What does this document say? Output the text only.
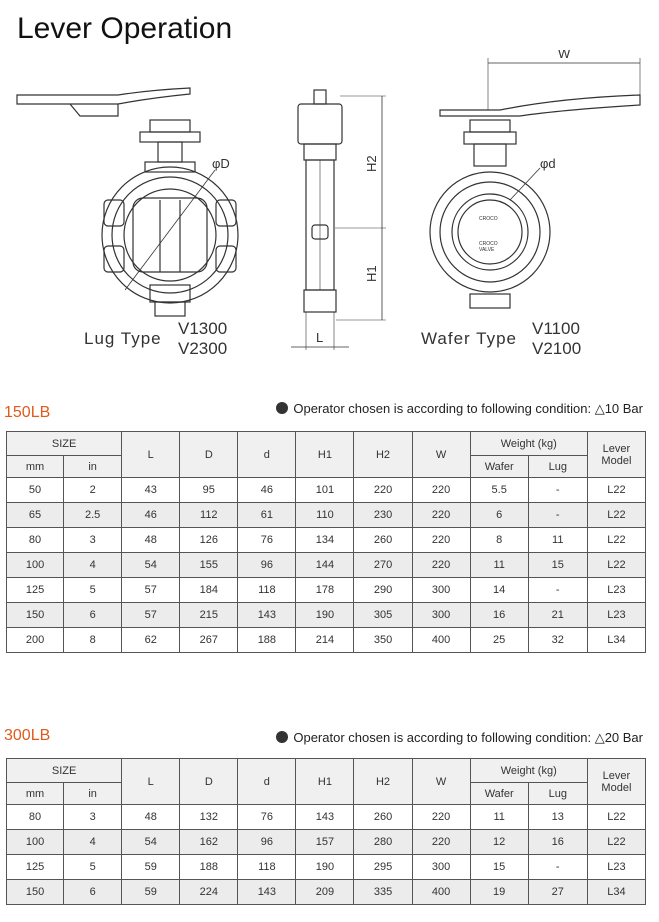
Lever Operation
φD	H2
H1
L
W
φd
CROCO
CROCO
VALVE
Lug Type
V1300
V2300
Wafer Type
V1100
V2100
150LB	Operator chosen is according to following condition: △10 Bar
SIZE		L	D	d	H1	H2	W	Weight (kg)		Lever Model
mm	in							Wafer	Lug	
50	2	43	95	46	101	220	220	5.5	-	L22
65	2.5	46	112	61	110	230	220	6	-	L22
80	3	48	126	76	134	260	220	8	11	L22
100	4	54	155	96	144	270	220	11	15	L22
125	5	57	184	118	178	290	300	14	-	L23
150	6	57	215	143	190	305	300	16	21	L23
200	8	62	267	188	214	350	400	25	32	L34
300LB	Operator chosen is according to following condition: △20 Bar
SIZE		L	D	d	H1	H2	W	Weight (kg)		Lever Model
mm	in							Wafer	Lug	
80	3	48	132	76	143	260	220	11	13	L22
100	4	54	162	96	157	280	220	12	16	L22
125	5	59	188	118	190	295	300	15	-	L23
150	6	59	224	143	209	335	400	19	27	L34
